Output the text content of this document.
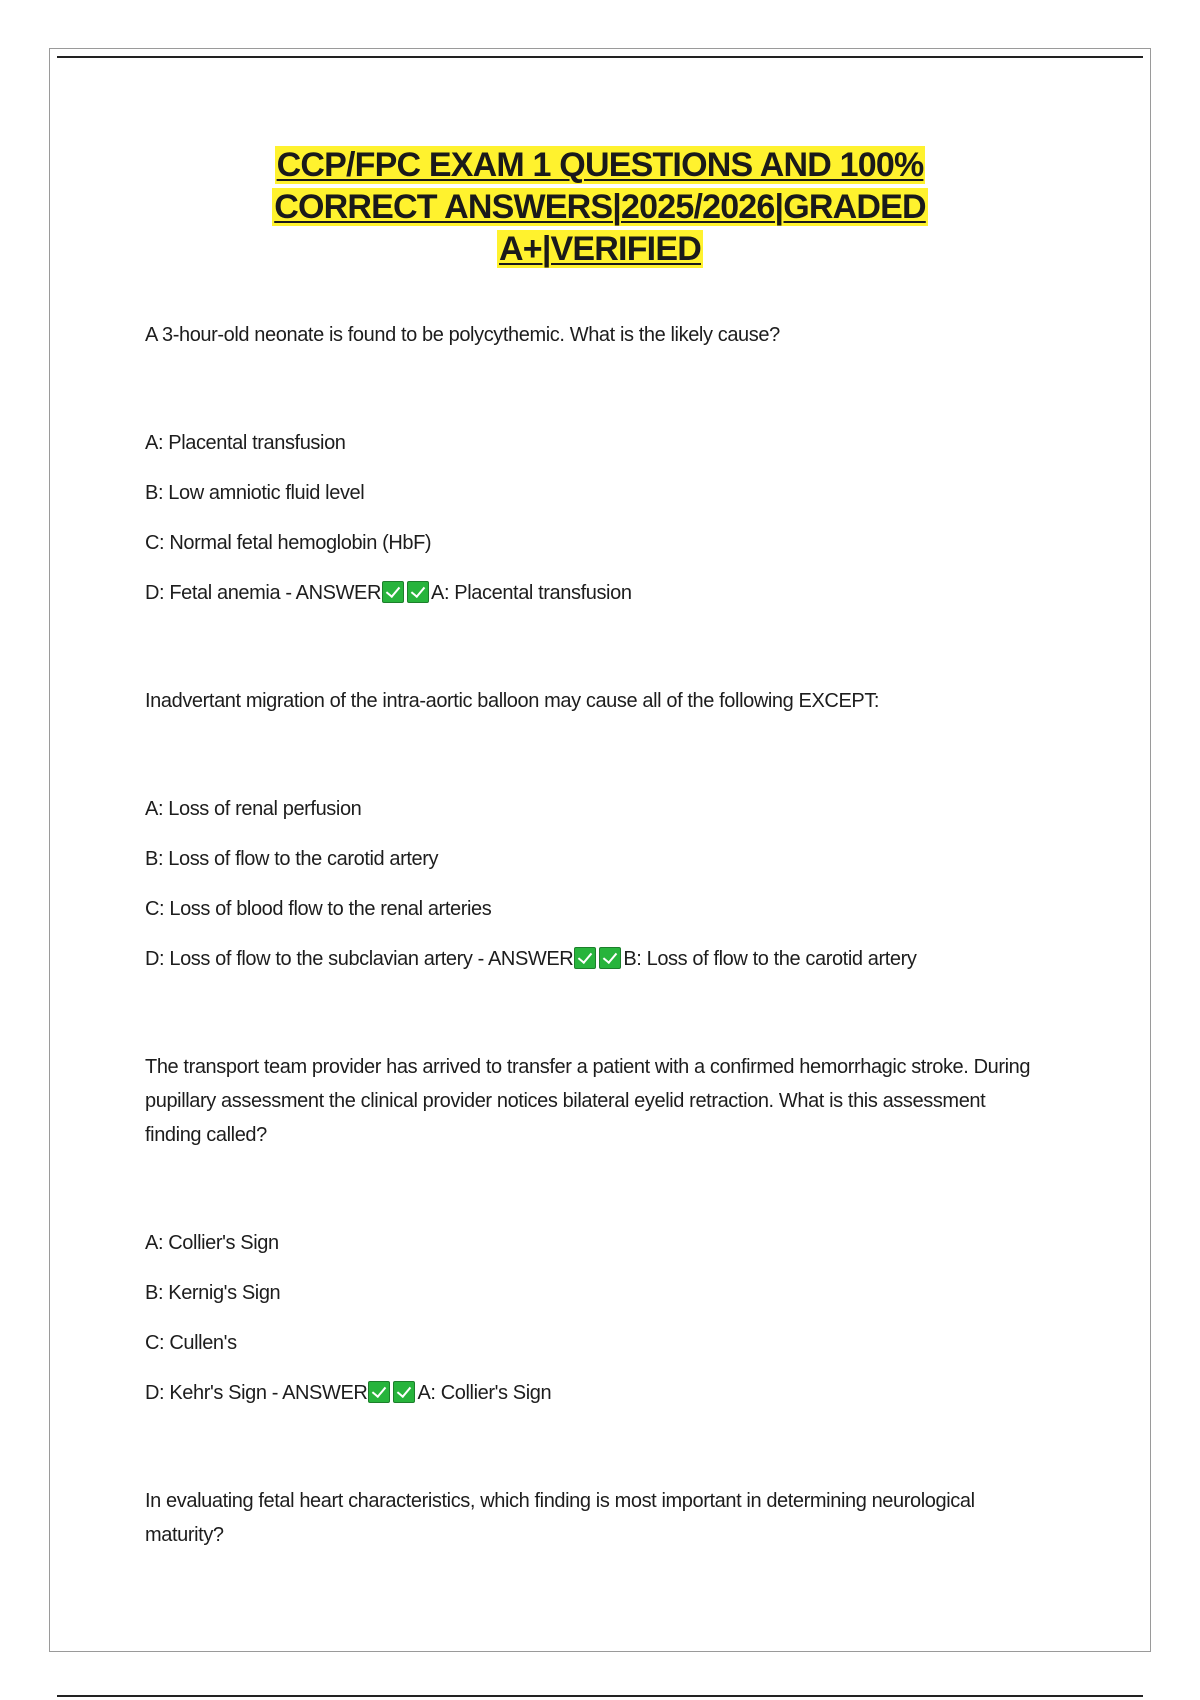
CCP/FPC EXAM 1 QUESTIONS AND 100%
CORRECT ANSWERS|2025/2026|GRADED
A+|VERIFIED

A 3-hour-old neonate is found to be polycythemic. What is the likely cause?

A: Placental transfusion
B: Low amniotic fluid level
C: Normal fetal hemoglobin (HbF)
D: Fetal anemia - ANSWER	A: Placental transfusion

Inadvertant migration of the intra-aortic balloon may cause all of the following EXCEPT:

A: Loss of renal perfusion
B: Loss of flow to the carotid artery
C: Loss of blood flow to the renal arteries
D: Loss of flow to the subclavian artery - ANSWER	B: Loss of flow to the carotid artery

The transport team provider has arrived to transfer a patient with a confirmed hemorrhagic stroke. During pupillary assessment the clinical provider notices bilateral eyelid retraction. What is this assessment finding called?

A: Collier's Sign
B: Kernig's Sign
C: Cullen's
D: Kehr's Sign - ANSWER	A: Collier's Sign

In evaluating fetal heart characteristics, which finding is most important in determining neurological maturity?
